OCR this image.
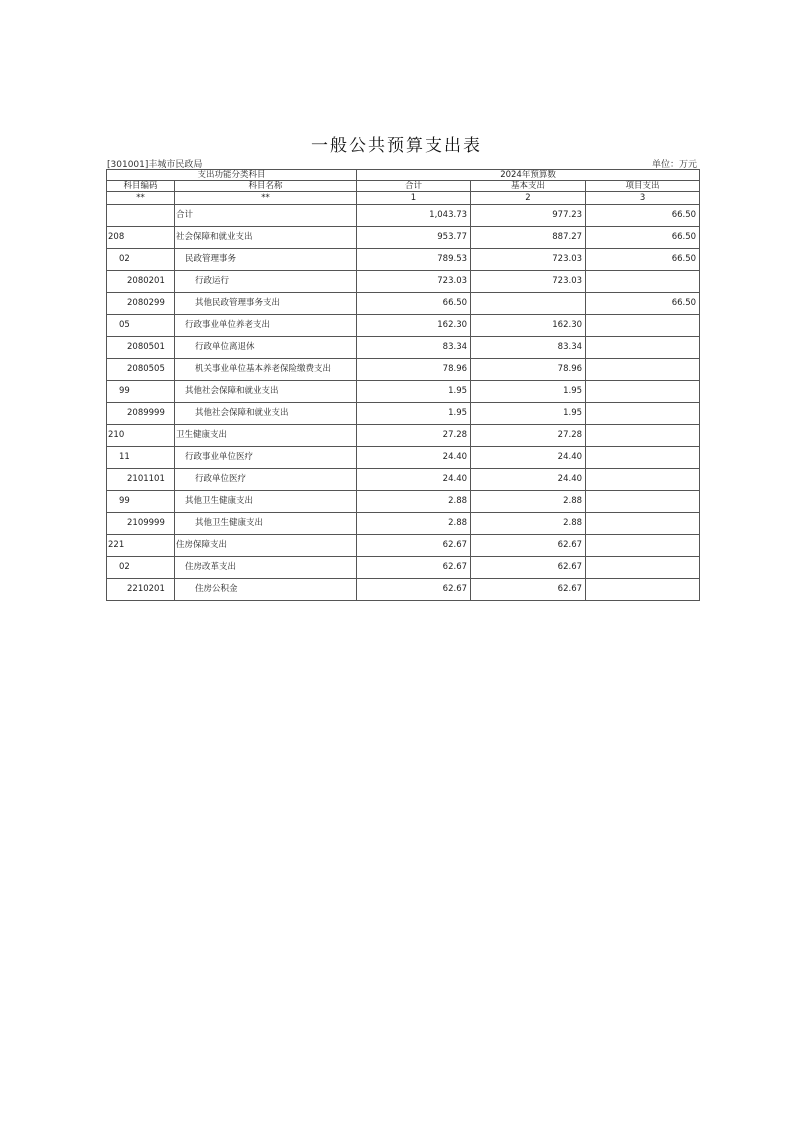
一般公共预算支出表
[301001]丰城市民政局	单位：万元
支出功能分类科目		2024年预算数		
科目编码	科目名称	合计	基本支出	项目支出
**	**	1	2	3
	合计	1,043.73	977.23	66.50
208	社会保障和就业支出	953.77	887.27	66.50
02	民政管理事务	789.53	723.03	66.50
2080201	行政运行	723.03	723.03	
2080299	其他民政管理事务支出	66.50		66.50
05	行政事业单位养老支出	162.30	162.30	
2080501	行政单位离退休	83.34	83.34	
2080505	机关事业单位基本养老保险缴费支出	78.96	78.96	
99	其他社会保障和就业支出	1.95	1.95	
2089999	其他社会保障和就业支出	1.95	1.95	
210	卫生健康支出	27.28	27.28	
11	行政事业单位医疗	24.40	24.40	
2101101	行政单位医疗	24.40	24.40	
99	其他卫生健康支出	2.88	2.88	
2109999	其他卫生健康支出	2.88	2.88	
221	住房保障支出	62.67	62.67	
02	住房改革支出	62.67	62.67	
2210201	住房公积金	62.67	62.67	
